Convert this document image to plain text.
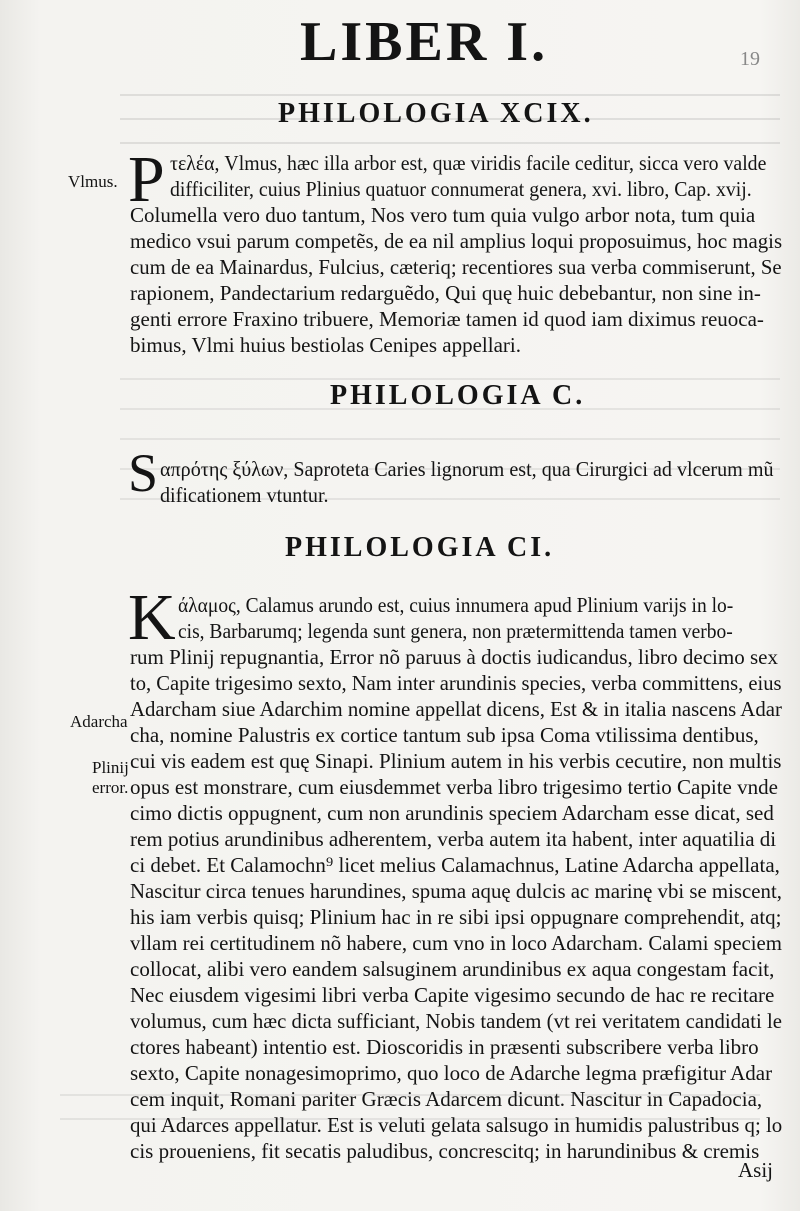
LIBER I.	19
PHILOLOGIA XCIX.
Vlmus. P τελέα, Vlmus, hæc illa arbor est, quæ viridis facile ceditur, sicca vero valde
difficiliter, cuius Plinius quatuor connumerat genera, xvi. libro, Cap. xvij.
Columella vero duo tantum, Nos vero tum quia vulgo arbor nota, tum quia
medico vsui parum competẽs, de ea nil amplius loqui proposuimus, hoc magis
cum de ea Mainardus, Fulcius, cæteriq; recentiores sua verba commiserunt, Se
rapionem, Pandectarium redarguẽdo, Qui quę huic debebantur, non sine in-
genti errore Fraxino tribuere, Memoriæ tamen id quod iam diximus reuoca-
bimus, Vlmi huius bestiolas Cenipes appellari.
PHILOLOGIA C.
S απρότης ξύλων, Saprotetа Caries lignorum est, qua Cirurgici ad vlcerum mũ
dificationem vtuntur.
PHILOLOGIA CI.
K άλαμος, Calamus arundo est, cuius innumera apud Plinium varijs in lo-
cis, Barbarumq; legenda sunt genera, non prætermittenda tamen verbo-
rum Plinij repugnantia, Error nõ paruus à doctis iudicandus, libro decimo sex
to, Capite trigesimo sexto, Nam inter arundinis species, verba committens, eius
Adarcham siue Adarchim nomine appellat dicens, Est & in italia nascens Adar
Adarcha
cha, nomine Palustris ex cortice tantum sub ipsa Coma vtilissima dentibus,
cui vis eadem est quę Sinapi. Plinium autem in his verbis cecutire, non multis
Plinij
error. opus est monstrare, cum eiusdemmet verba libro trigesimo tertio Capite vnde
cimo dictis oppugnent, cum non arundinis speciem Adarcham esse dicat, sed
rem potius arundinibus adherentem, verba autem ita habent, inter aquatilia di
ci debet. Et Calamochn⁹ licet melius Calamachnus, Latine Adarcha appellata,
Nascitur circa tenues harundines, spuma aquę dulcis ac marinę vbi se miscent,
his iam verbis quisq; Plinium hac in re sibi ipsi oppugnare comprehendit, atq;
vllam rei certitudinem nõ habere, cum vno in loco Adarcham. Calami speciem
collocat, alibi vero eandem salsuginem arundinibus ex aqua congestam facit,
Nec eiusdem vigesimi libri verba Capite vigesimo secundo de hac re recitare
volumus, cum hæc dicta sufficiant, Nobis tandem (vt rei veritatem candidati le
ctores habeant) intentio est. Dioscoridis in præsenti subscribere verba libro
sexto, Capite nonagesimoprimo, quo loco de Adarche legma præfigitur Adar
cem inquit, Romani pariter Græcis Adarcem dicunt. Nascitur in Capadocia,
qui Adarces appellatur. Est is veluti gelata salsugo in humidis palustribus q; lo
cis proueniens, fit secatis paludibus, concrescitq; in harundinibus & cremis
Asij
